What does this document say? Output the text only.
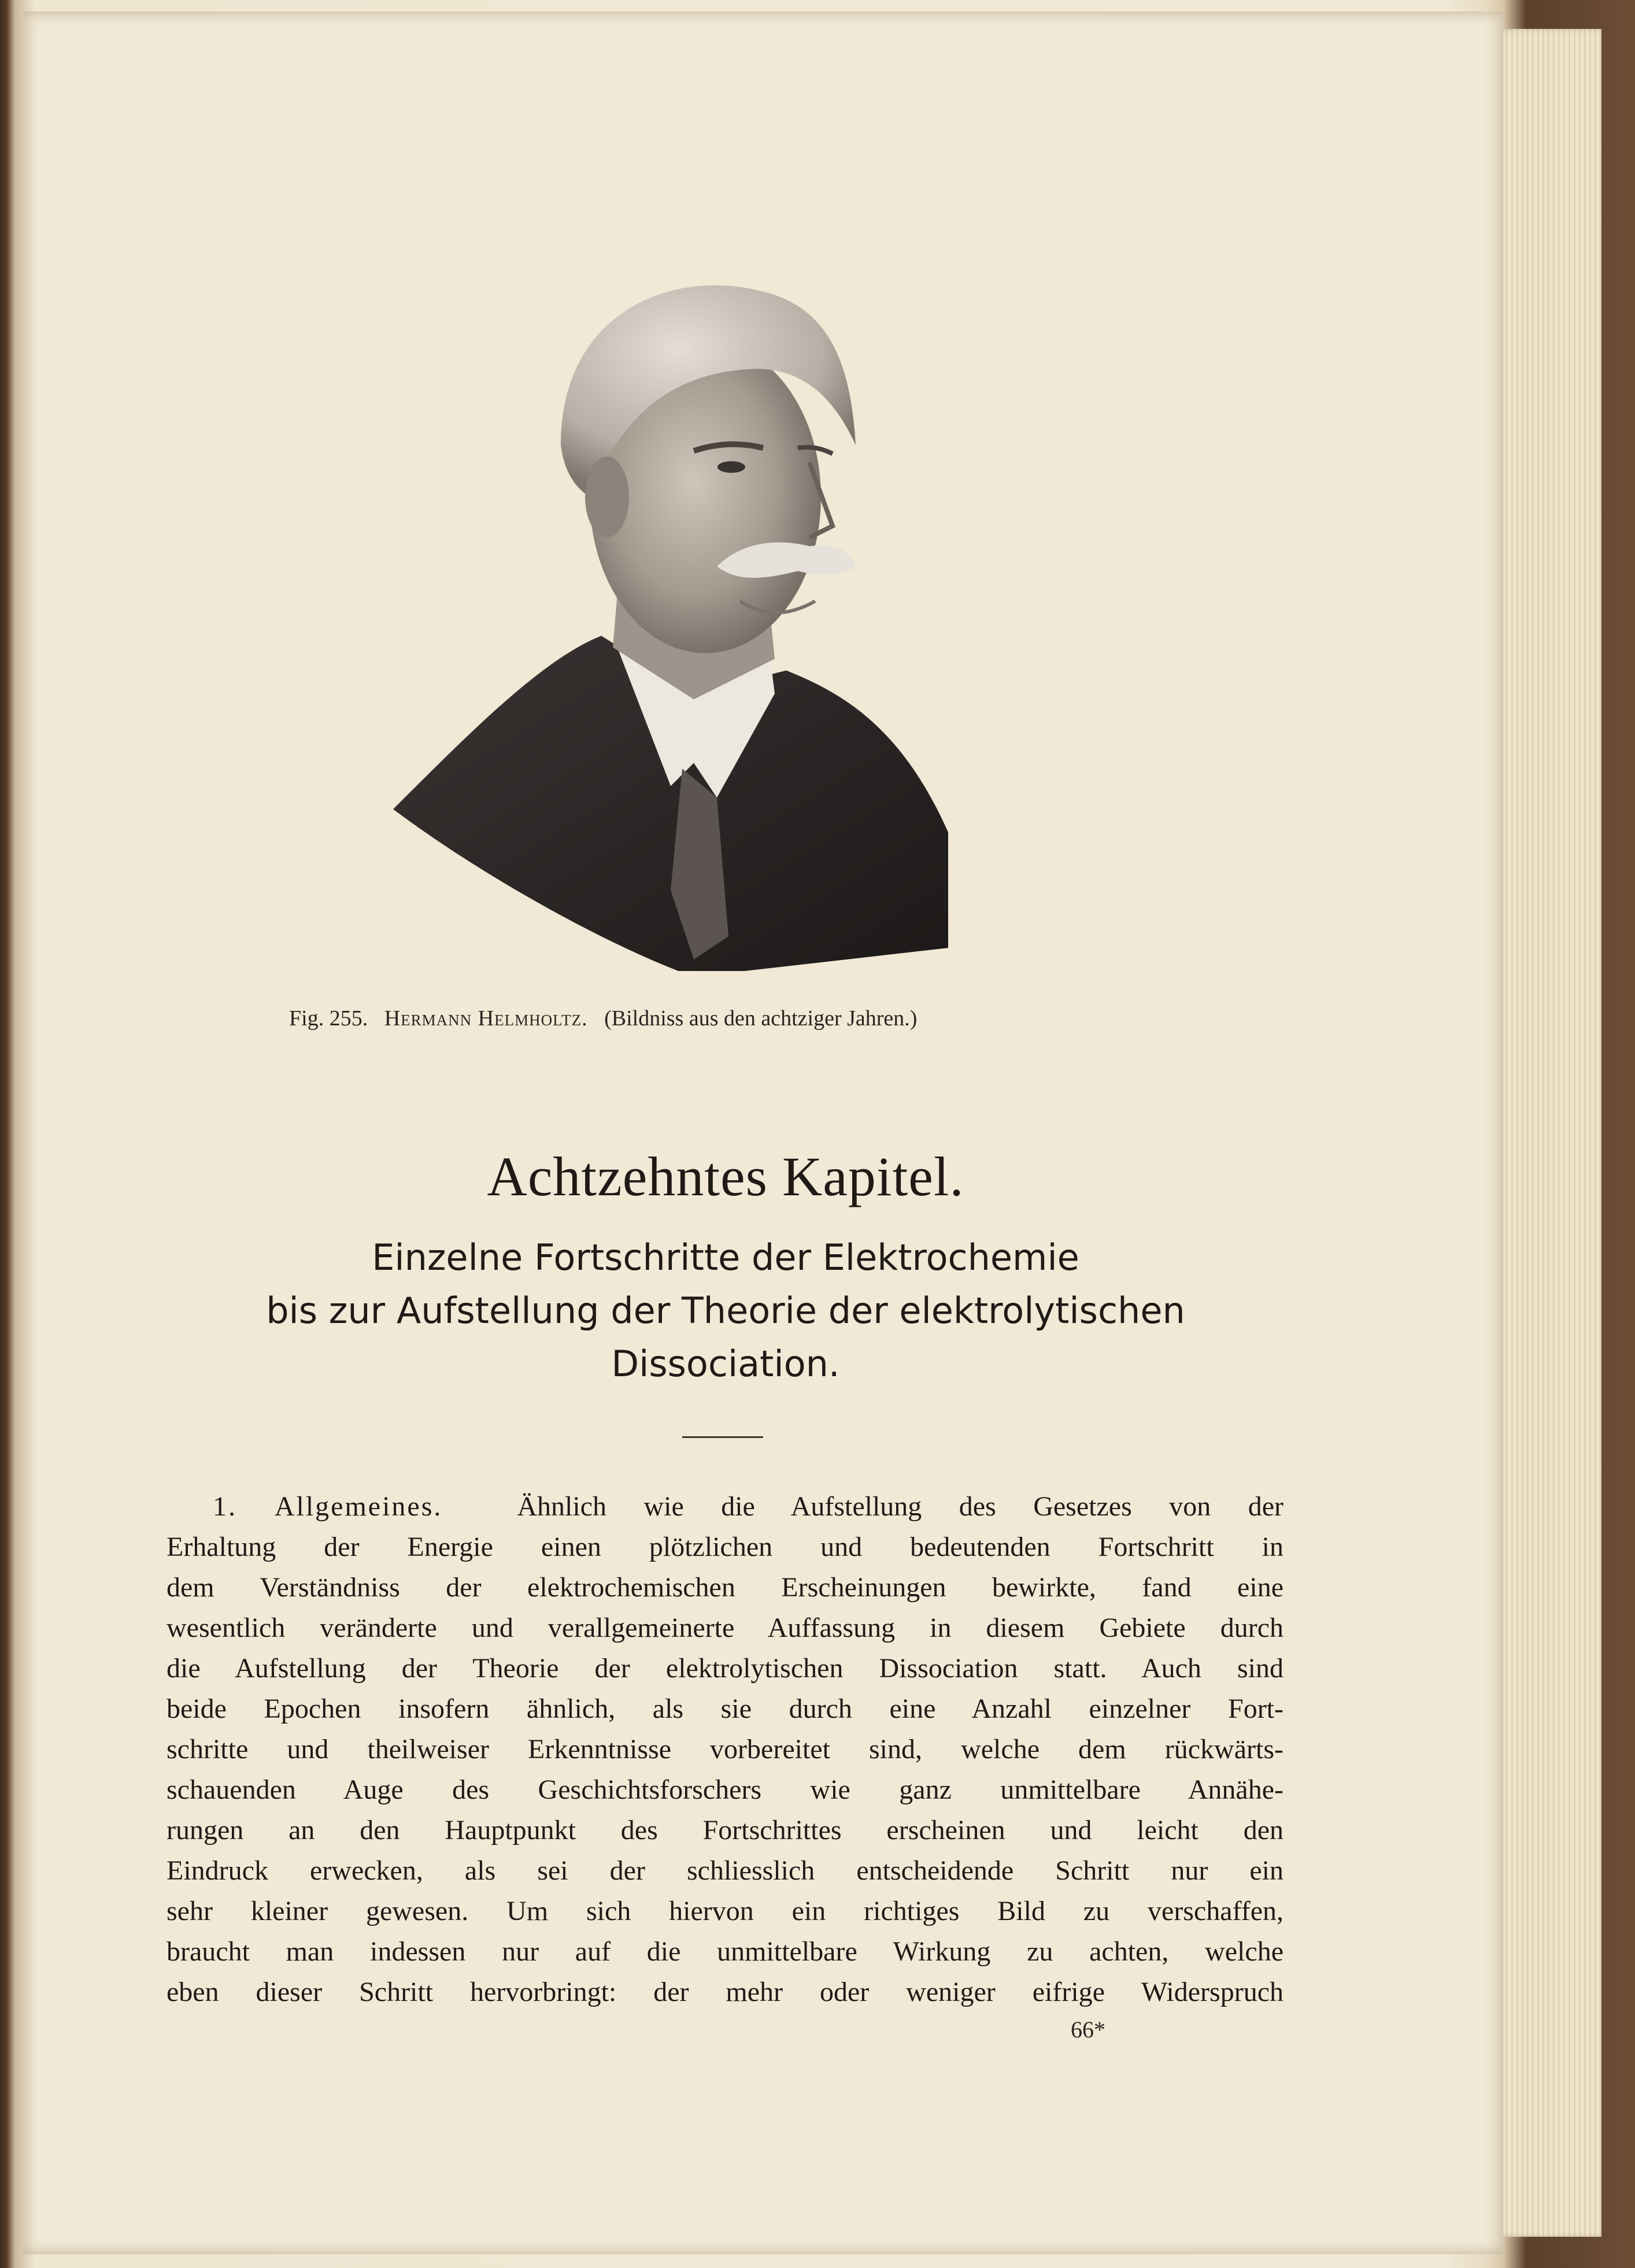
Fig. 255. Hermann Helmholtz. (Bildniss aus den achtziger Jahren.)
Achtzehntes Kapitel.
Einzelne Fortschritte der Elektrochemie
bis zur Aufstellung der Theorie der elektrolytischen
Dissociation.
1. Allgemeines.	Ähnlich wie die Aufstellung des Gesetzes von der
Erhaltung der Energie einen plötzlichen und bedeutenden Fortschritt in
dem Verständniss der elektrochemischen Erscheinungen bewirkte, fand eine
wesentlich veränderte und verallgemeinerte Auffassung in diesem Gebiete durch
die Aufstellung der Theorie der elektrolytischen Dissociation statt. Auch sind
beide Epochen insofern ähnlich, als sie durch eine Anzahl einzelner Fort-
schritte und theilweiser Erkenntnisse vorbereitet sind, welche dem rückwärts-
schauenden Auge des Geschichtsforschers wie ganz unmittelbare Annähe-
rungen an den Hauptpunkt des Fortschrittes erscheinen und leicht den
Eindruck erwecken, als sei der schliesslich entscheidende Schritt nur ein
sehr kleiner gewesen. Um sich hiervon ein richtiges Bild zu verschaffen,
braucht man indessen nur auf die unmittelbare Wirkung zu achten, welche
eben dieser Schritt hervorbringt: der mehr oder weniger eifrige Widerspruch
66*
